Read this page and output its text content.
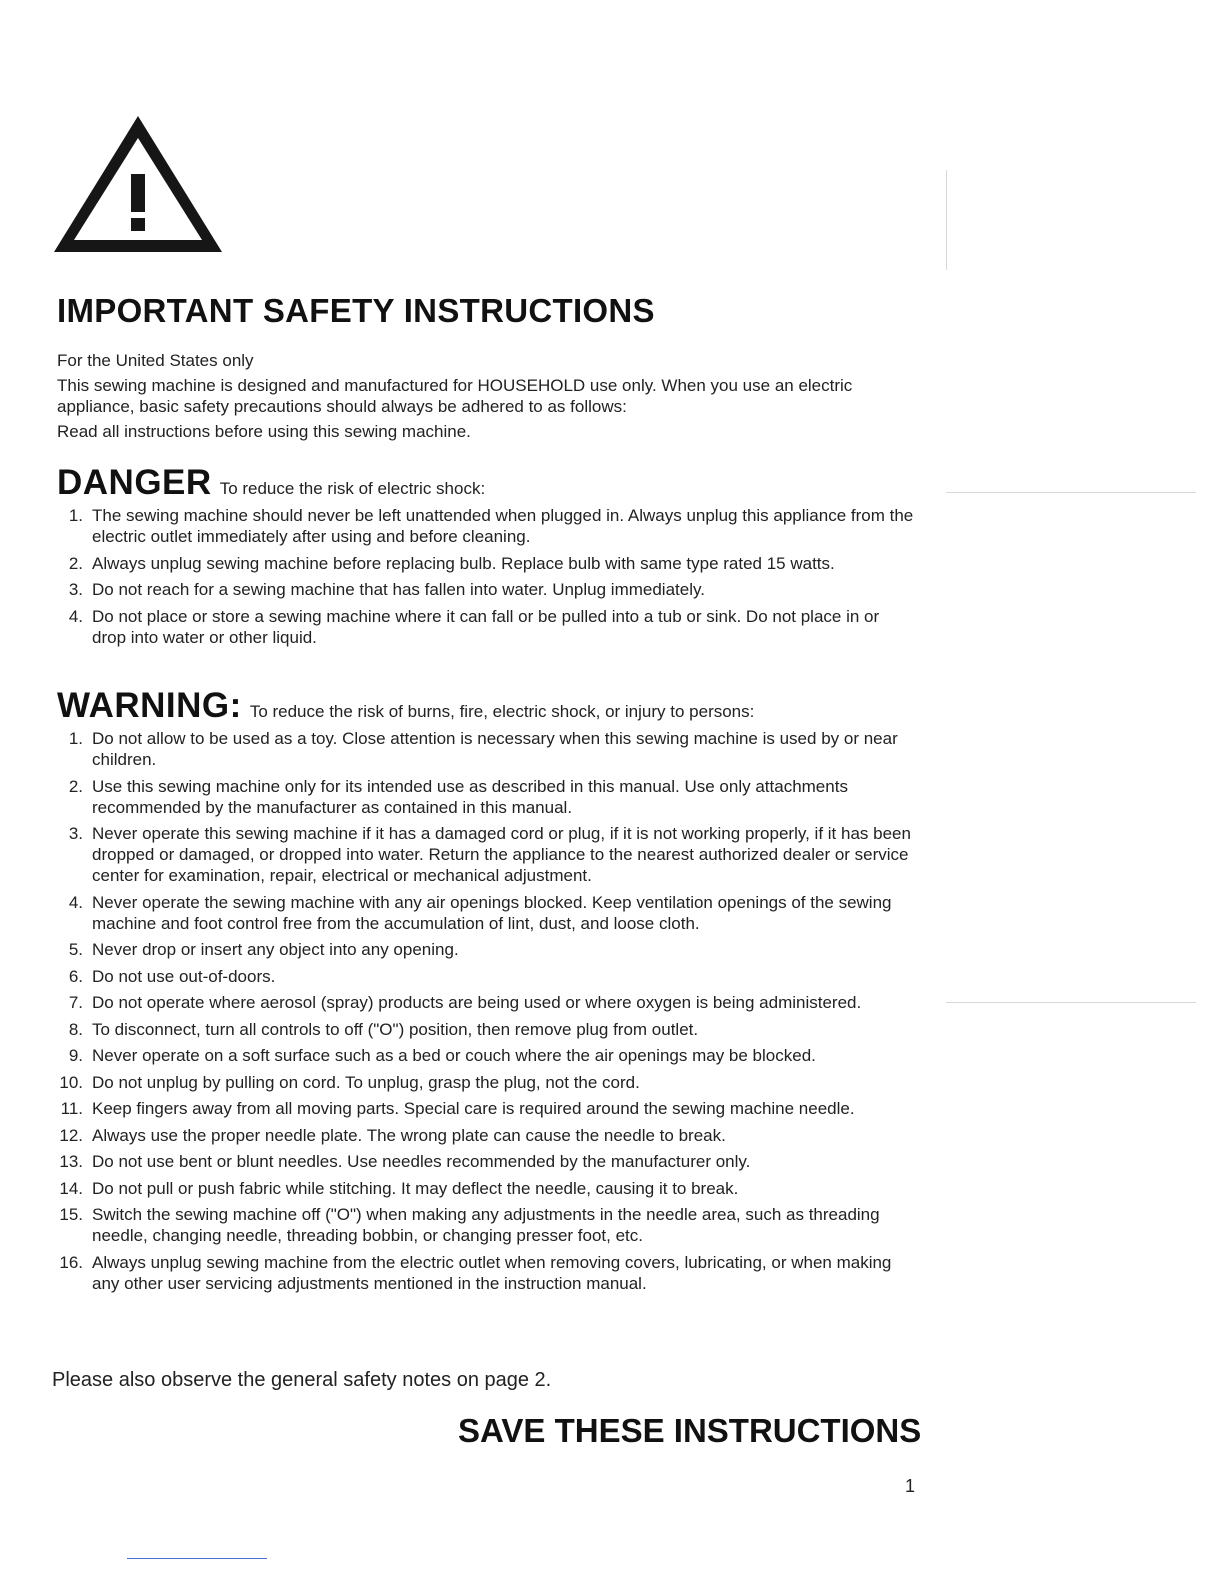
IMPORTANT SAFETY INSTRUCTIONS

For the United States only

This sewing machine is designed and manufactured for HOUSEHOLD use only. When you use an electric appliance, basic safety precautions should always be adhered to as follows:

Read all instructions before using this sewing machine.

DANGER To reduce the risk of electric shock:
1. The sewing machine should never be left unattended when plugged in. Always unplug this appliance from the electric outlet immediately after using and before cleaning.
2. Always unplug sewing machine before replacing bulb. Replace bulb with same type rated 15 watts.
3. Do not reach for a sewing machine that has fallen into water. Unplug immediately.
4. Do not place or store a sewing machine where it can fall or be pulled into a tub or sink. Do not place in or drop into water or other liquid.
WARNING: To reduce the risk of burns, fire, electric shock, or injury to persons:
1. Do not allow to be used as a toy. Close attention is necessary when this sewing machine is used by or near children.
2. Use this sewing machine only for its intended use as described in this manual. Use only attachments recommended by the manufacturer as contained in this manual.
3. Never operate this sewing machine if it has a damaged cord or plug, if it is not working properly, if it has been dropped or damaged, or dropped into water. Return the appliance to the nearest authorized dealer or service center for examination, repair, electrical or mechanical adjustment.
4. Never operate the sewing machine with any air openings blocked. Keep ventilation openings of the sewing machine and foot control free from the accumulation of lint, dust, and loose cloth.
5. Never drop or insert any object into any opening.
6. Do not use out-of-doors.
7. Do not operate where aerosol (spray) products are being used or where oxygen is being administered.
8. To disconnect, turn all controls to off ("O") position, then remove plug from outlet.
9. Never operate on a soft surface such as a bed or couch where the air openings may be blocked.
10. Do not unplug by pulling on cord. To unplug, grasp the plug, not the cord.
11. Keep fingers away from all moving parts. Special care is required around the sewing machine needle.
12. Always use the proper needle plate. The wrong plate can cause the needle to break.
13. Do not use bent or blunt needles. Use needles recommended by the manufacturer only.
14. Do not pull or push fabric while stitching. It may deflect the needle, causing it to break.
15. Switch the sewing machine off ("O") when making any adjustments in the needle area, such as threading needle, changing needle, threading bobbin, or changing presser foot, etc.
16. Always unplug sewing machine from the electric outlet when removing covers, lubricating, or when making any other user servicing adjustments mentioned in the instruction manual.
Please also observe the general safety notes on page 2.
SAVE THESE INSTRUCTIONS
1
